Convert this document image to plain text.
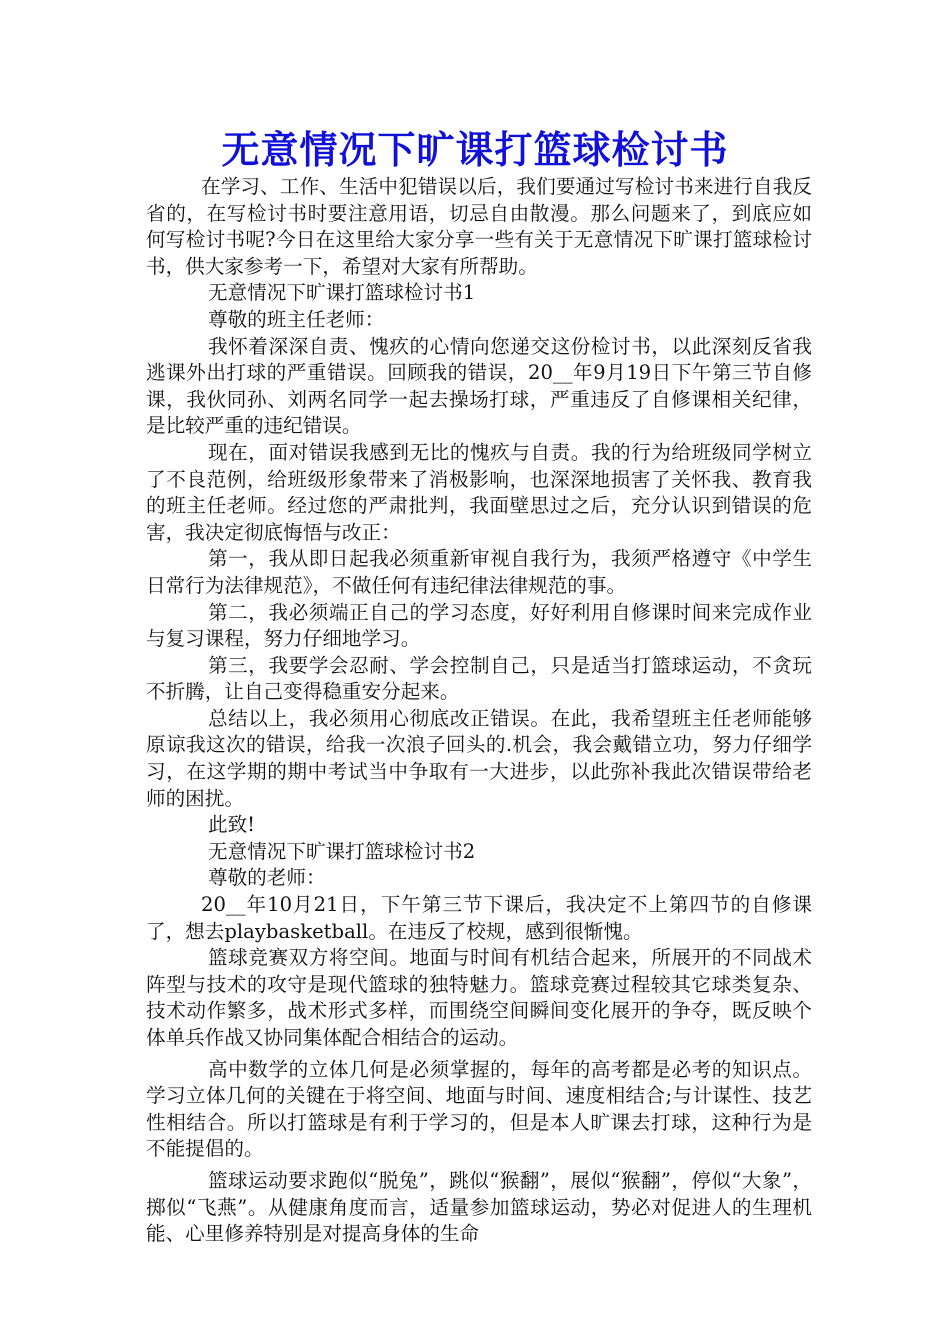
无意情况下旷课打篮球检讨书

在学习、工作、生活中犯错误以后，我们要通过写检讨书来进行自我反省的，在写检讨书时要注意用语，切忌自由散漫。那么问题来了，到底应如何写检讨书呢?今日在这里给大家分享一些有关于无意情况下旷课打篮球检讨书，供大家参考一下，希望对大家有所帮助。

无意情况下旷课打篮球检讨书1

尊敬的班主任老师：

我怀着深深自责、愧疚的心情向您递交这份检讨书，以此深刻反省我逃课外出打球的严重错误。回顾我的错误，20__年9月19日下午第三节自修课，我伙同孙、刘两名同学一起去操场打球，严重违反了自修课相关纪律，是比较严重的违纪错误。

现在，面对错误我感到无比的愧疚与自责。我的行为给班级同学树立了不良范例，给班级形象带来了消极影响，也深深地损害了关怀我、教育我的班主任老师。经过您的严肃批判，我面壁思过之后，充分认识到错误的危害，我决定彻底悔悟与改正：

第一，我从即日起我必须重新审视自我行为，我须严格遵守《中学生日常行为法律规范》，不做任何有违纪律法律规范的事。

第二，我必须端正自己的学习态度，好好利用自修课时间来完成作业与复习课程，努力仔细地学习。

第三，我要学会忍耐、学会控制自己，只是适当打篮球运动，不贪玩不折腾，让自己变得稳重安分起来。

总结以上，我必须用心彻底改正错误。在此，我希望班主任老师能够原谅我这次的错误，给我一次浪子回头的.机会，我会戴错立功，努力仔细学习，在这学期的期中考试当中争取有一大进步，以此弥补我此次错误带给老师的困扰。

此致!

无意情况下旷课打篮球检讨书2

尊敬的老师：

20__年10月21日，下午第三节下课后，我决定不上第四节的自修课了，想去playbasketball。在违反了校规，感到很惭愧。

篮球竞赛双方将空间。地面与时间有机结合起来，所展开的不同战术阵型与技术的攻守是现代篮球的独特魅力。篮球竞赛过程较其它球类复杂、技术动作繁多，战术形式多样，而围绕空间瞬间变化展开的争夺，既反映个体单兵作战又协同集体配合相结合的运动。

高中数学的立体几何是必须掌握的，每年的高考都是必考的知识点。学习立体几何的关键在于将空间、地面与时间、速度相结合;与计谋性、技艺性相结合。所以打篮球是有利于学习的，但是本人旷课去打球，这种行为是不能提倡的。

篮球运动要求跑似“脱兔”，跳似“猴翻”，展似“猴翻”，停似“大象”，掷似“飞燕”。从健康角度而言，适量参加篮球运动，势必对促进人的生理机能、心里修养特别是对提高身体的生命
